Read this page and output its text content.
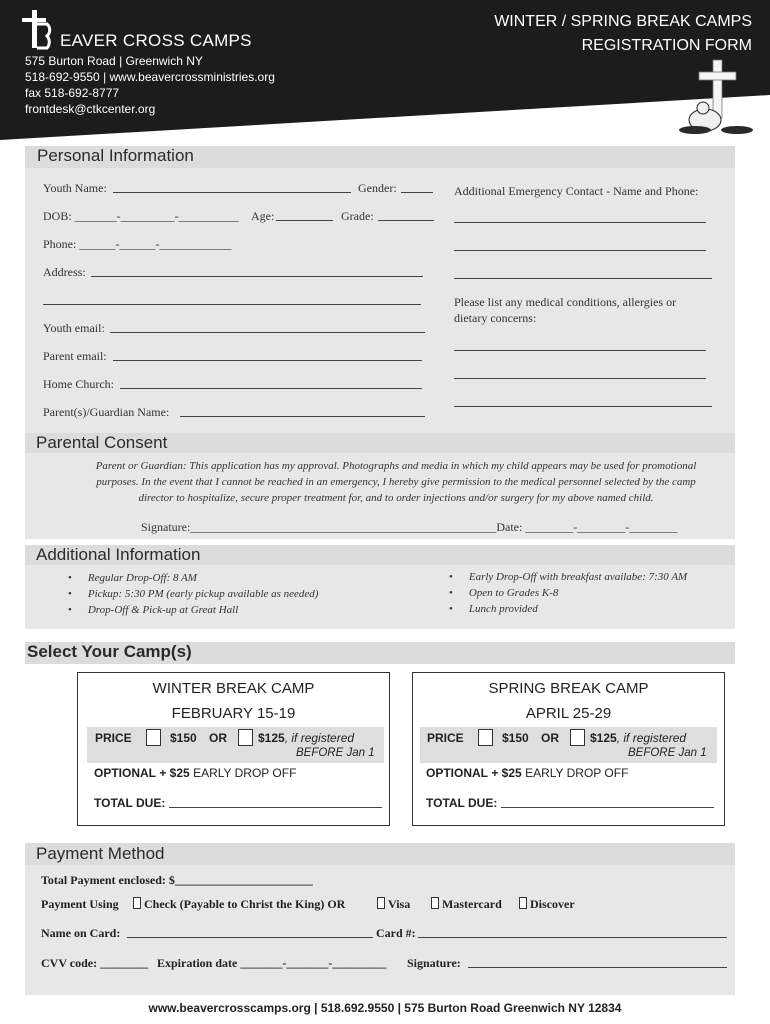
EAVER CROSS CAMPS
575 Burton Road | Greenwich NY
518-692-9550 | www.beavercrossministries.org
fax 518-692-8777
frontdesk@ctkcenter.org
WINTER / SPRING BREAK CAMPS
REGISTRATION FORM
Personal Information
Youth Name:	Gender:
DOB: _______-_________-__________ Age:	Grade:
Phone: ______-______-____________
Address:
Youth email:
Parent email:
Home Church:
Parent(s)/Guardian Name:
Additional Emergency Contact - Name and Phone:
Please list any medical conditions, allergies or
dietary concerns:
Parental Consent
Parent or Guardian: This application has my approval. Photographs and media in which my child appears may be used for promotional
purposes. In the event that I cannot be reached in an emergency, I hereby give permission to the medical personnel selected by the camp
director to hospitalize, secure proper treatment for, and to order injections and/or surgery for my above named child.
Signature:___________________________________________________Date: ________-________-________
Additional Information
• Regular Drop-Off: 8 AM
• Pickup: 5:30 PM (early pickup available as needed)
• Drop-Off & Pick-up at Great Hall
• Early Drop-Off with breakfast availabe: 7:30 AM
• Open to Grades K-8
• Lunch provided
Select Your Camp(s)
WINTER BREAK CAMP
FEBRUARY 15-19
PRICE	$150 OR	$125, if registered
BEFORE Jan 1
OPTIONAL + $25 EARLY DROP OFF
TOTAL DUE:
SPRING BREAK CAMP
APRIL 25-29
PRICE	$150 OR	$125, if registered
BEFORE Jan 1
OPTIONAL + $25 EARLY DROP OFF
TOTAL DUE:
Payment Method
Total Payment enclosed: $_______________________
Payment Using Check (Payable to Christ the King) OR	Visa	Mastercard Discover
Name on Card:	Card #:
CVV code: ________ Expiration date _______-_______-_________ Signature:
www.beavercrosscamps.org | 518.692.9550 | 575 Burton Road Greenwich NY 12834
